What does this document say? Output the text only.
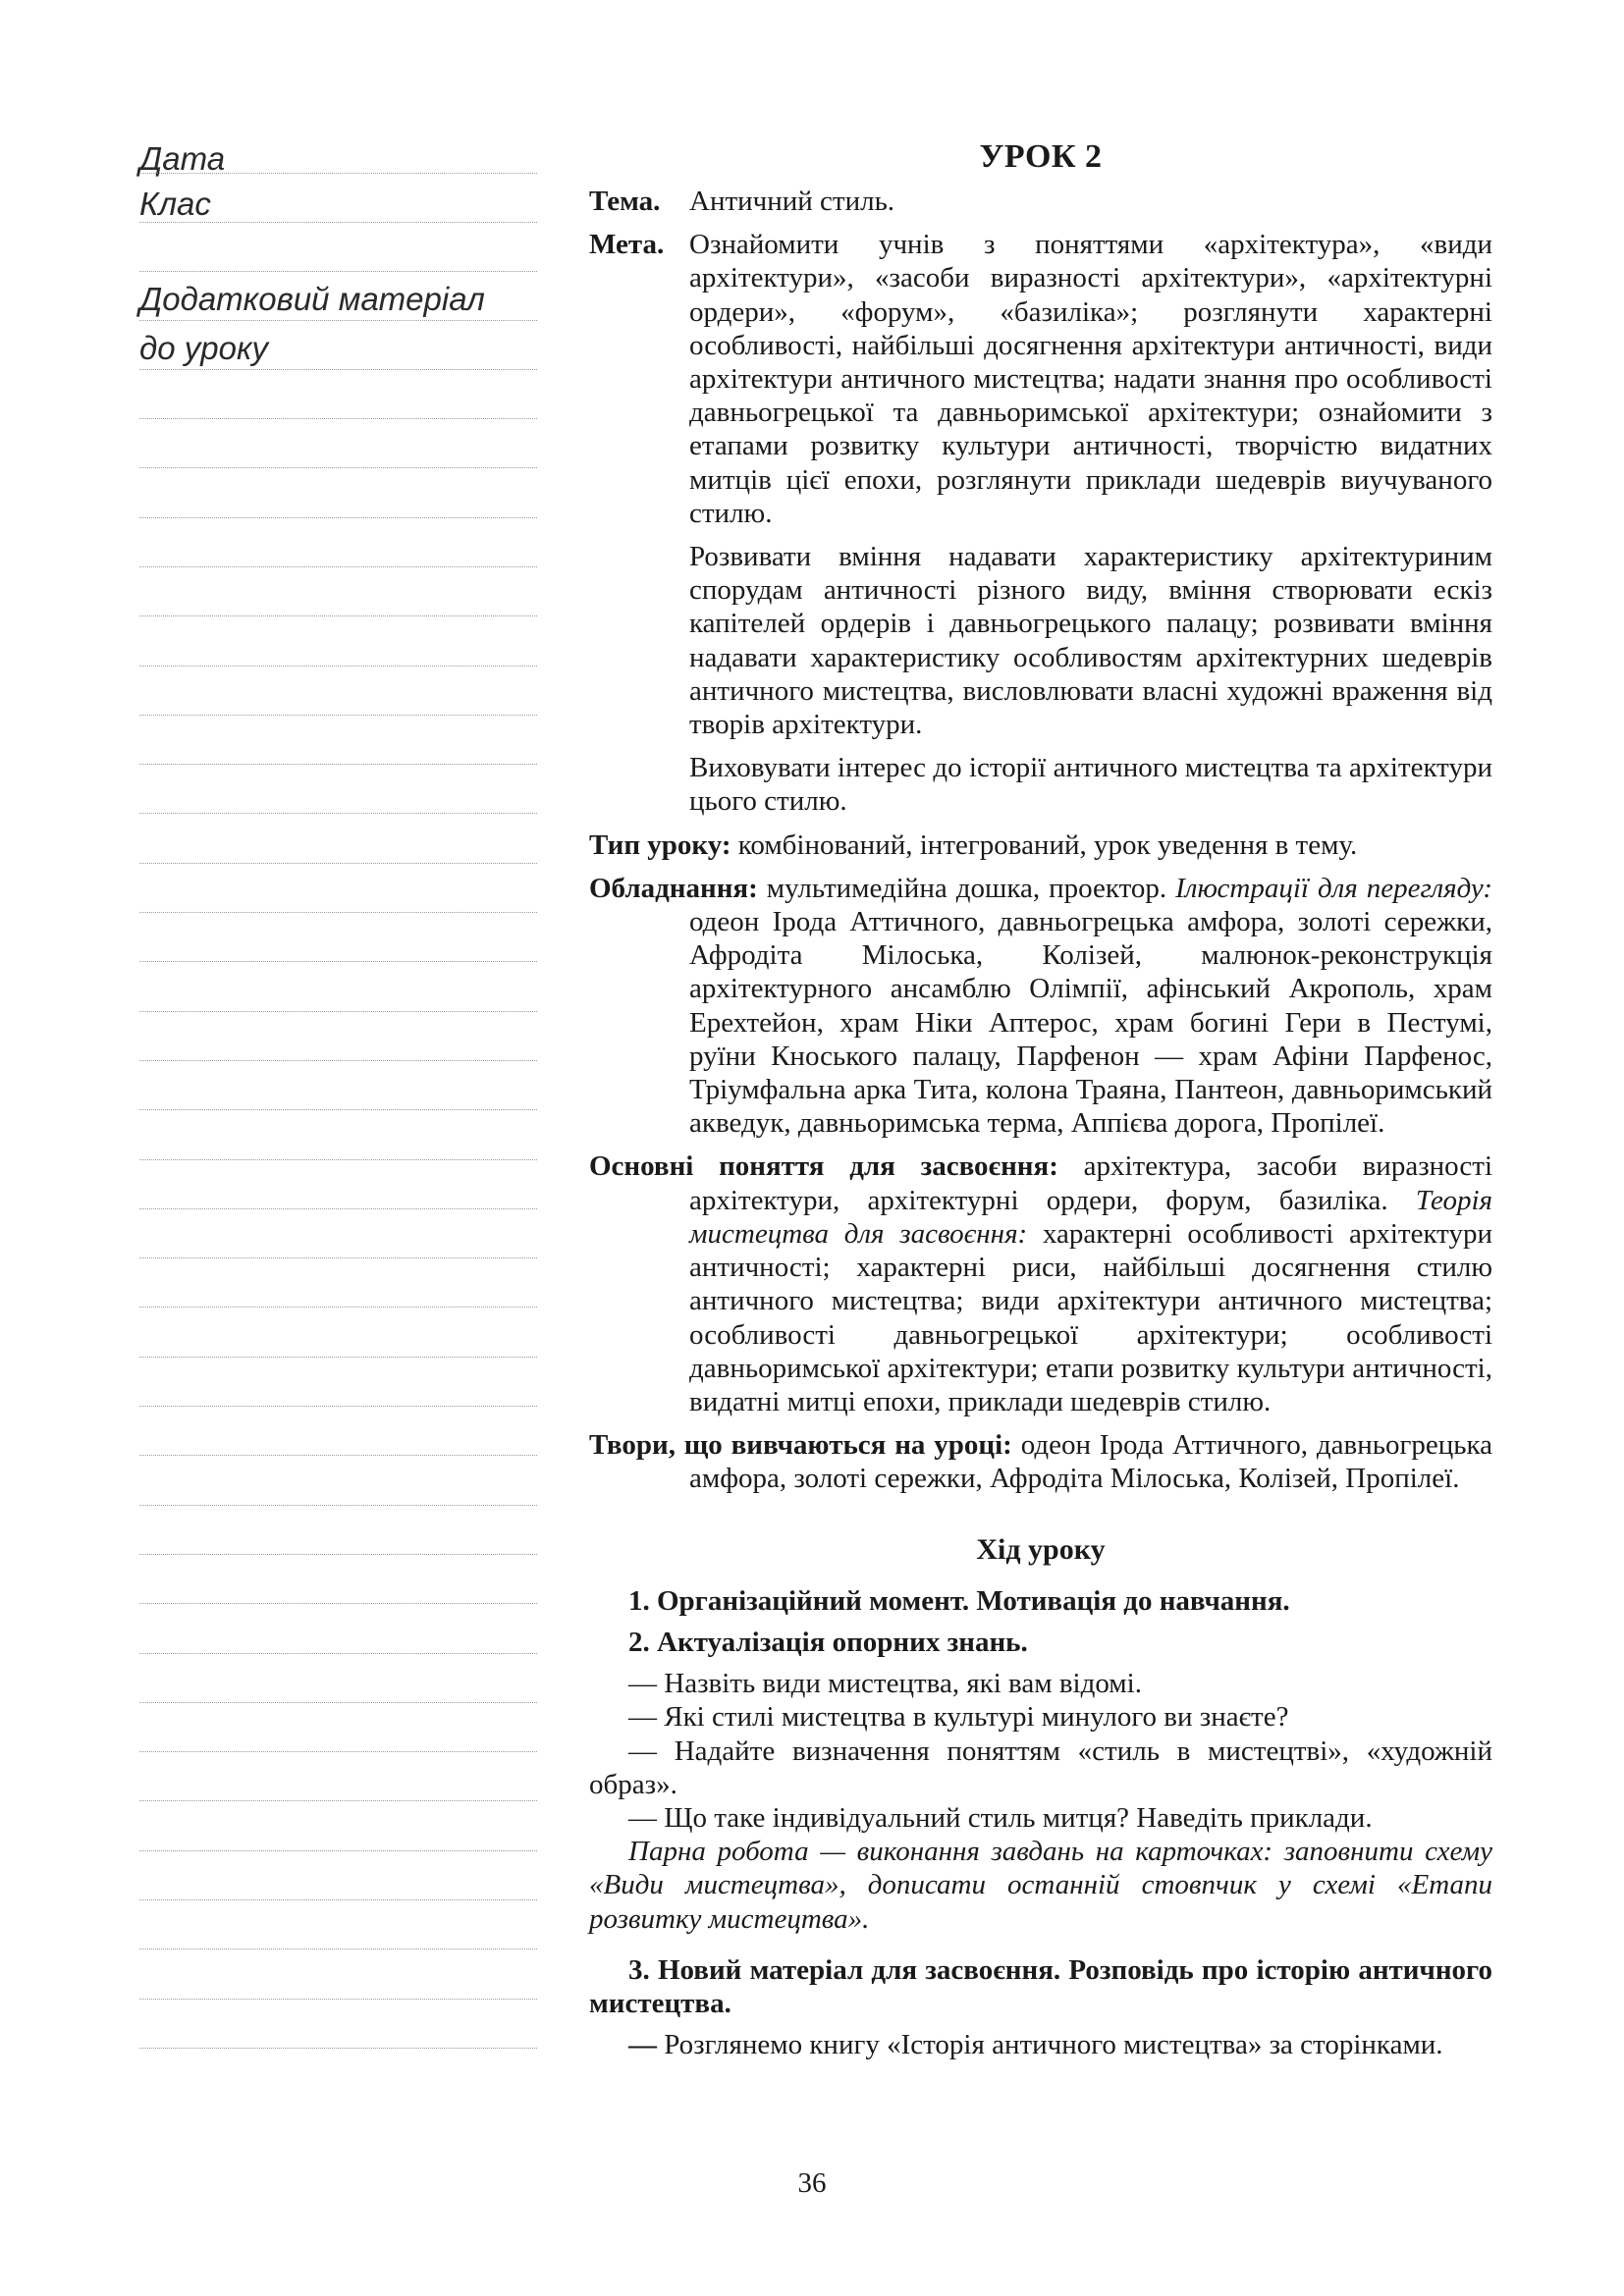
Дата
Клас
Додатковий матеріал
до уроку
УРОК 2

Тема. Античний стиль.

Мета. Ознайомити учнів з поняттями «архітектура», «види архітектури», «засоби виразності архітектури», «архітектурні ордери», «форум», «базиліка»; розглянути характерні особливості, найбільші досягнення архітектури античності, види архітектури античного мистецтва; надати знання про особливості давньогрецької та давньоримської архітектури; ознайомити з етапами розвитку культури античності, творчістю видатних митців цієї епохи, розглянути приклади шедеврів виучуваного стилю.

Розвивати вміння надавати характеристику архітектуриним спорудам античності різного виду, вміння створювати ескіз капітелей ордерів і давньогрецького палацу; розвивати вміння надавати характеристику особливостям архітектурних шедеврів античного мистецтва, висловлювати власні художні враження від творів архітектури.

Виховувати інтерес до історії античного мистецтва та архітектури цього стилю.

Тип уроку: комбінований, інтегрований, урок уведення в тему.

Обладнання: мультимедійна дошка, проектор. Ілюстрації для перегляду: одеон Ірода Аттичного, давньогрецька амфора, золоті сережки, Афродіта Мілоська, Колізей, малюнок-реконструкція архітектурного ансамблю Олімпії, афінський Акрополь, храм Ерехтейон, храм Ніки Аптерос, храм богині Гери в Пестумі, руїни Кноського палацу, Парфенон — храм Афіни Парфенос, Тріумфальна арка Тита, колона Траяна, Пантеон, давньоримський акведук, давньоримська терма, Аппієва дорога, Пропілеї.

Основні поняття для засвоєння: архітектура, засоби виразності архітектури, архітектурні ордери, форум, базиліка. Теорія мистецтва для засвоєння: характерні особливості архітектури античності; характерні риси, найбільші досягнення стилю античного мистецтва; види архітектури античного мистецтва; особливості давньогрецької архітектури; особливості давньоримської архітектури; етапи розвитку культури античності, видатні митці епохи, приклади шедеврів стилю.

Твори, що вивчаються на уроці: одеон Ірода Аттичного, давньогрецька амфора, золоті сережки, Афродіта Мілоська, Колізей, Пропілеї.

Хід уроку

1. Організаційний момент. Мотивація до навчання.

2. Актуалізація опорних знань.

— Назвіть види мистецтва, які вам відомі.

— Які стилі мистецтва в культурі минулого ви знаєте?

— Надайте визначення поняттям «стиль в мистецтві», «художній образ».

— Що таке індивідуальний стиль митця? Наведіть приклади.

Парна робота — виконання завдань на карточках: заповнити схему «Види мистецтва», дописати останній стовпчик у схемі «Етапи розвитку мистецтва».

3. Новий матеріал для засвоєння. Розповідь про історію античного мистецтва.

— Розглянемо книгу «Історія античного мистецтва» за сторінками.

36
